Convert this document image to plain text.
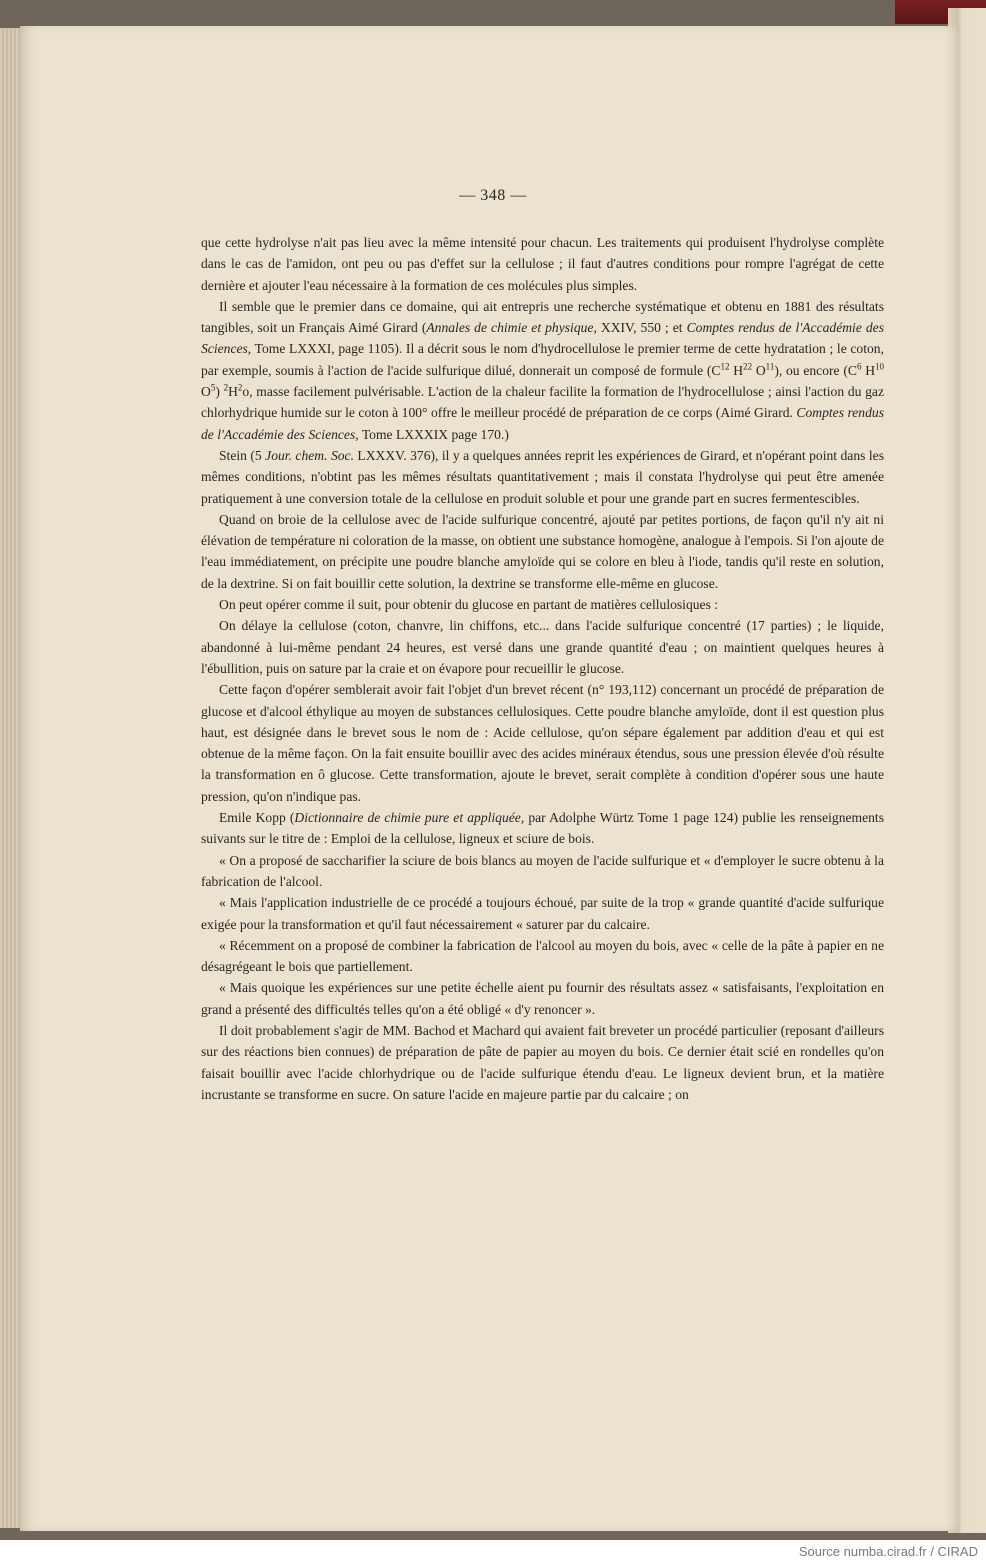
— 348 —

que cette hydrolyse n'ait pas lieu avec la même intensité pour chacun. Les traitements qui produisent l'hydrolyse complète dans le cas de l'amidon, ont peu ou pas d'effet sur la cellulose ; il faut d'autres conditions pour rompre l'agrégat de cette dernière et ajouter l'eau nécessaire à la formation de ces molécules plus simples.

Il semble que le premier dans ce domaine, qui ait entrepris une recherche systématique et obtenu en 1881 des résultats tangibles, soit un Français Aimé Girard (Annales de chimie et physique, XXIV, 550 ; et Comptes rendus de l'Accadémie des Sciences, Tome LXXXI, page 1105). Il a décrit sous le nom d'hydrocellulose le premier terme de cette hydratation ; le coton, par exemple, soumis à l'action de l'acide sulfurique dilué, donnerait un composé de formule ($C^{12}$ $H^{22}$ $O^{11}$), ou encore ($C^6$ $H^{10}$ $O^5$) $^2H^2o$, masse facilement pulvérisable. L'action de la chaleur facilite la formation de l'hydrocellulose ; ainsi l'action du gaz chlorhydrique humide sur le coton à 100° offre le meilleur procédé de préparation de ce corps (Aimé Girard. Comptes rendus de l'Accadémie des Sciences, Tome LXXXIX page 170.)

Stein (5 Jour. chem. Soc. LXXXV. 376), il y a quelques années reprit les expériences de Girard, et n'opérant point dans les mêmes conditions, n'obtint pas les mêmes résultats quantitativement ; mais il constata l'hydrolyse qui peut être amenée pratiquement à une conversion totale de la cellulose en produit soluble et pour une grande part en sucres fermentescibles.

Quand on broie de la cellulose avec de l'acide sulfurique concentré, ajouté par petites portions, de façon qu'il n'y ait ni élévation de température ni coloration de la masse, on obtient une substance homogène, analogue à l'empois. Si l'on ajoute de l'eau immédiatement, on précipite une poudre blanche amyloïde qui se colore en bleu à l'iode, tandis qu'il reste en solution, de la dextrine. Si on fait bouillir cette solution, la dextrine se transforme elle-même en glucose.

On peut opérer comme il suit, pour obtenir du glucose en partant de matières cellulosiques :

On délaye la cellulose (coton, chanvre, lin chiffons, etc... dans l'acide sulfurique concentré (17 parties) ; le liquide, abandonné à lui-même pendant 24 heures, est versé dans une grande quantité d'eau ; on maintient quelques heures à l'ébullition, puis on sature par la craie et on évapore pour recueillir le glucose.

Cette façon d'opérer semblerait avoir fait l'objet d'un brevet récent (n° 193,112) concernant un procédé de préparation de glucose et d'alcool éthylique au moyen de substances cellulosiques. Cette poudre blanche amyloïde, dont il est question plus haut, est désignée dans le brevet sous le nom de : Acide cellulose, qu'on sépare également par addition d'eau et qui est obtenue de la même façon. On la fait ensuite bouillir avec des acides minéraux étendus, sous une pression élevée d'où résulte la transformation en ô glucose. Cette transformation, ajoute le brevet, serait complète à condition d'opérer sous une haute pression, qu'on n'indique pas.

Emile Kopp (Dictionnaire de chimie pure et appliquée, par Adolphe Würtz Tome 1 page 124) publie les renseignements suivants sur le titre de : Emploi de la cellulose, ligneux et sciure de bois.

« On a proposé de saccharifier la sciure de bois blancs au moyen de l'acide sulfurique et « d'employer le sucre obtenu à la fabrication de l'alcool.

« Mais l'application industrielle de ce procédé a toujours échoué, par suite de la trop « grande quantité d'acide sulfurique exigée pour la transformation et qu'il faut nécessairement « saturer par du calcaire.

« Récemment on a proposé de combiner la fabrication de l'alcool au moyen du bois, avec « celle de la pâte à papier en ne désagrégeant le bois que partiellement.

« Mais quoique les expériences sur une petite échelle aient pu fournir des résultats assez « satisfaisants, l'exploitation en grand a présenté des difficultés telles qu'on a été obligé « d'y renoncer ».

Il doit probablement s'agir de MM. Bachod et Machard qui avaient fait breveter un procédé particulier (reposant d'ailleurs sur des réactions bien connues) de préparation de pâte de papier au moyen du bois. Ce dernier était scié en rondelles qu'on faisait bouillir avec l'acide chlorhydrique ou de l'acide sulfurique étendu d'eau. Le ligneux devient brun, et la matière incrustante se transforme en sucre. On sature l'acide en majeure partie par du calcaire ; on

Source numba.cirad.fr / CIRAD
